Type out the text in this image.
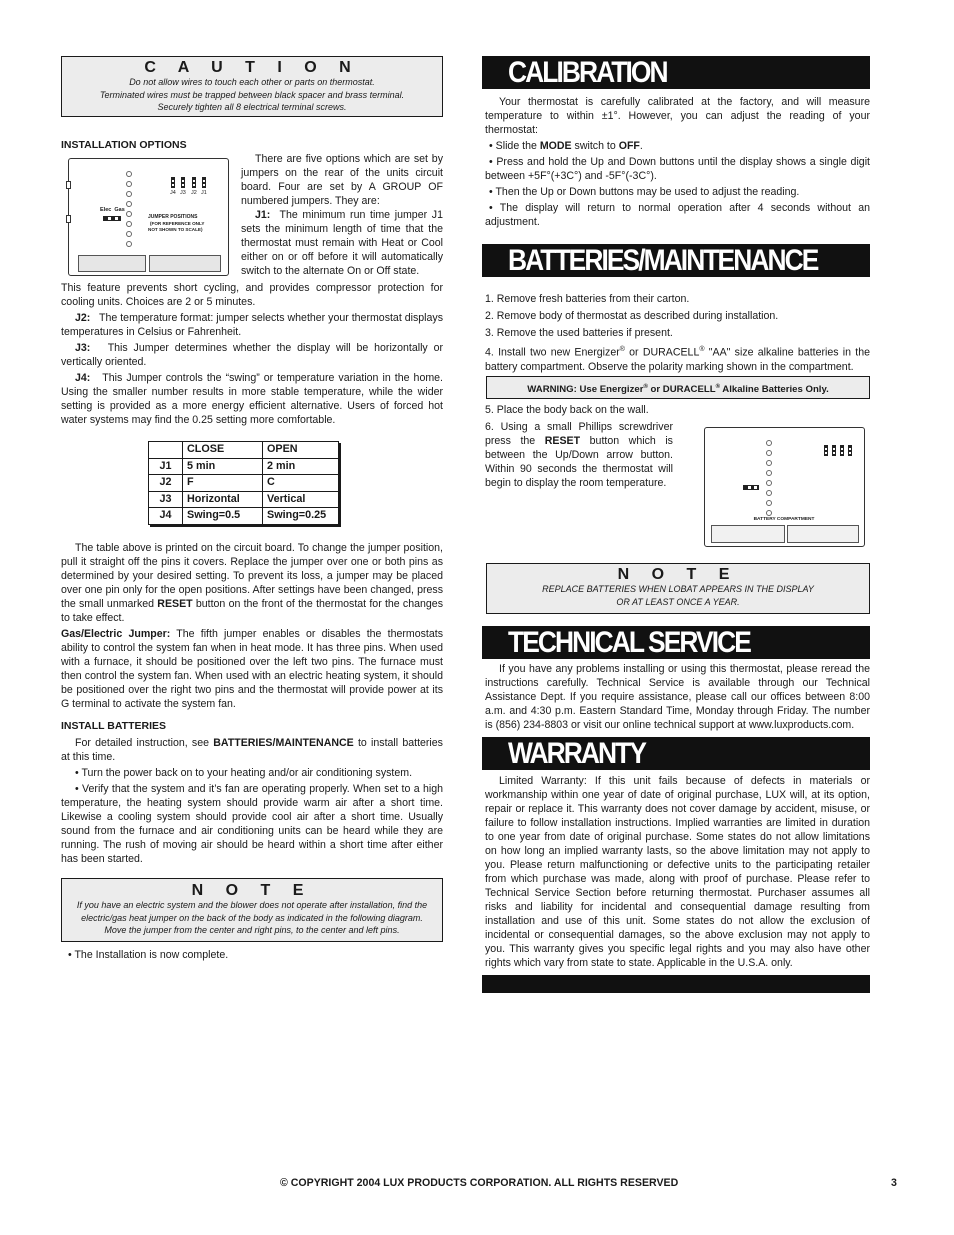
C A U T I O N
Do not allow wires to touch each other or parts on thermostat.
Terminated wires must be trapped between black spacer and brass terminal.
Securely tighten all 8 electrical terminal screws.
INSTALLATION OPTIONS
J4 J3 J2 J1
Elec  Gas
JUMPER POSITIONS
(FOR REFERENCE ONLY
NOT SHOWN TO SCALE)

There are five options which are set by jumpers on the rear of the units circuit board. Four are set by A GROUP OF numbered jumpers. They are:

J1: The minimum run time jumper J1 sets the minimum length of time that the thermostat must remain with Heat or Cool either on or off before it will automatically switch to the alternate On or Off state.

This feature prevents short cycling, and provides compressor protection for cooling units. Choices are 2 or 5 minutes.

J2: The temperature format: jumper selects whether your thermostat displays temperatures in Celsius or Fahrenheit.

J3: This Jumper determines whether the display will be horizontally or vertically oriented.

J4: This Jumper controls the “swing” or temperature variation in the home. Using the smaller number results in more stable temperature, while the wider setting is provided as a more energy efficient alternative. Users of forced hot water systems may find the 0.25 setting more comfortable.

	CLOSE	OPEN
J1	5 min	2 min
J2	F	C
J3	Horizontal	Vertical
J4	Swing=0.5	Swing=0.25

The table above is printed on the circuit board. To change the jumper position, pull it straight off the pins it covers. Replace the jumper over one or both pins as determined by your desired setting. To prevent its loss, a jumper may be placed over one pin only for the open positions. After settings have been changed, press the small unmarked RESET button on the front of the thermostat for the changes to take effect.

Gas/Electric Jumper: The fifth jumper enables or disables the thermostats ability to control the system fan when in heat mode. It has three pins. When used with a furnace, it should be positioned over the left two pins. The furnace must then control the system fan. When used with an electric heating system, it should be positioned over the right two pins and the thermostat will provide power at its G terminal to activate the system fan.

INSTALL BATTERIES

For detailed instruction, see BATTERIES/MAINTENANCE to install batteries at this time.

• Turn the power back on to your heating and/or air conditioning system.

• Verify that the system and it’s fan are operating properly. When set to a high temperature, the heating system should provide warm air after a short time. Likewise a cooling system should provide cool air after a short time. Usually sound from the furnace and air conditioning units can be heard while they are running. The rush of moving air should be heard within a short time after either has been started.

N O T E
If you have an electric system and the blower does not operate after installation, find the
electric/gas heat jumper on the back of the body as indicated in the following diagram.
Move the jumper from the center and right pins, to the center and left pins.
• The Installation is now complete.
CALIBRATION

Your thermostat is carefully calibrated at the factory, and will measure temperature to within ±1°. However, you can adjust the reading of your thermostat:

• Slide the MODE switch to OFF.

• Press and hold the Up and Down buttons until the display shows a single digit between +5F°(+3C°) and -5F°(-3C°).

• Then the Up or Down buttons may be used to adjust the reading.

• The display will return to normal operation after 4 seconds without an adjustment.

BATTERIES/MAINTENANCE

1. Remove fresh batteries from their carton.

2. Remove body of thermostat as described during installation.

3. Remove the used batteries if present.

4. Install two new Energizer® or DURACELL® "AA" size alkaline batteries in the battery compartment. Observe the polarity marking shown in the compartment.

WARNING: Use Energizer® or DURACELL® Alkaline Batteries Only.
5. Place the body back on the wall.

6. Using a small Phillips screwdriver press the RESET button which is between the Up/Down arrow button. Within 90 seconds the thermostat will begin to display the room temperature.

BATTERY COMPARTMENT
N O T E
REPLACE BATTERIES WHEN LOBAT APPEARS IN THE DISPLAY
OR AT LEAST ONCE A YEAR.
TECHNICAL SERVICE

If you have any problems installing or using this thermostat, please reread the instructions carefully. Technical Service is available through our Technical Assistance Dept. If you require assistance, please call our offices between 8:00 a.m. and 4:30 p.m. Eastern Standard Time, Monday through Friday. The number is (856) 234-8803 or visit our online technical support at www.luxproducts.com.

WARRANTY

Limited Warranty: If this unit fails because of defects in materials or workmanship within one year of date of original purchase, LUX will, at its option, repair or replace it. This warranty does not cover damage by accident, misuse, or failure to follow installation instructions. Implied warranties are limited in duration to one year from date of original purchase. Some states do not allow limitations on how long an implied warranty lasts, so the above limitation may not apply to you. Please return malfunctioning or defective units to the participating retailer from which purchase was made, along with proof of purchase. Please refer to Technical Service Section before returning thermostat. Purchaser assumes all risks and liability for incidental and consequential damage resulting from installation and use of this unit. Some states do not allow the exclusion of incidental or consequential damages, so the above exclusion may not apply to you. This warranty gives you specific legal rights and you may also have other rights which vary from state to state. Applicable in the U.S.A. only.

© COPYRIGHT 2004 LUX PRODUCTS CORPORATION. ALL RIGHTS RESERVED	3
